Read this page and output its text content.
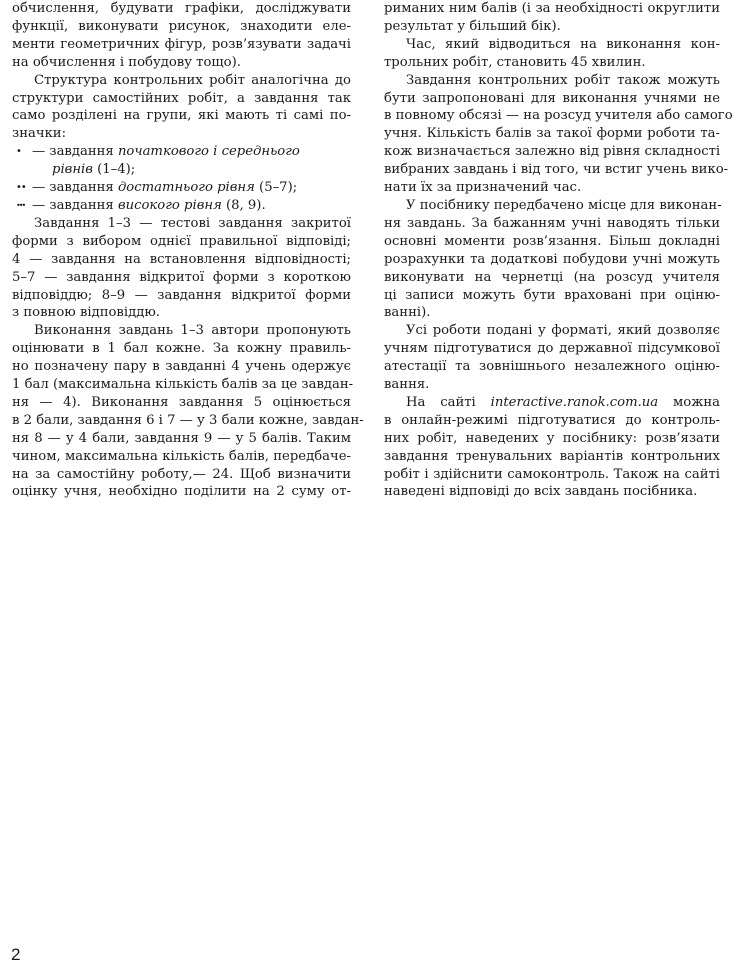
обчислення, будувати графіки, досліджувати
функції, виконувати рисунок, знаходити еле-
менти геометричних фігур, розв’язувати задачі
на обчислення і побудову тощо).

Структура контрольних робіт аналогічна до
структури самостійних робіт, а завдання так
само розділені на групи, які мають ті самі по-
значки:

• — завдання початкового і середнього
рівнів (1–4);
•• — завдання достатнього рівня (5–7);
••• — завдання високого рівня (8, 9).

Завдання 1–3 — тестові завдання закритої
форми з вибором однієї правильної відповіді;
4 — завдання на встановлення відповідності;
5–7 — завдання відкритої форми з короткою
відповіддю; 8–9 — завдання відкритої форми
з повною відповіддю.

Виконання завдань 1–3 автори пропонують
оцінювати в 1 бал кожне. За кожну правиль-
но позначену пару в завданні 4 учень одержує
1 бал (максимальна кількість балів за це завдан-
ня — 4). Виконання завдання 5 оцінюється
в 2 бали, завдання 6 і 7 — у 3 бали кожне, завдан-
ня 8 — у 4 бали, завдання 9 — у 5 балів. Таким
чином, максимальна кількість балів, передбаче-
на за самостійну роботу,— 24. Щоб визначити
оцінку учня, необхідно поділити на 2 суму от-

риманих ним балів (і за необхідності округлити
результат у більший бік).

Час, який відводиться на виконання кон-
трольних робіт, становить 45 хвилин.

Завдання контрольних робіт також можуть
бути запропоновані для виконання учнями не
в повному обсязі — на розсуд учителя або самого
учня. Кількість балів за такої форми роботи та-
кож визначається залежно від рівня складності
вибраних завдань і від того, чи встиг учень вико-
нати їх за призначений час.

У посібнику передбачено місце для виконан-
ня завдань. За бажанням учні наводять тільки
основні моменти розв’язання. Більш докладні
розрахунки та додаткові побудови учні можуть
виконувати на чернетці (на розсуд учителя
ці записи можуть бути враховані при оціню-
ванні).

Усі роботи подані у форматі, який дозволяє
учням підготуватися до державної підсумкової
атестації та зовнішнього незалежного оціню-
вання.

На сайті interactive.ranok.com.ua можна
в онлайн-режимі підготуватися до контроль-
них робіт, наведених у посібнику: розв’язати
завдання тренувальних варіантів контрольних
робіт і здійснити самоконтроль. Також на сайті
наведені відповіді до всіх завдань посібника.

2
